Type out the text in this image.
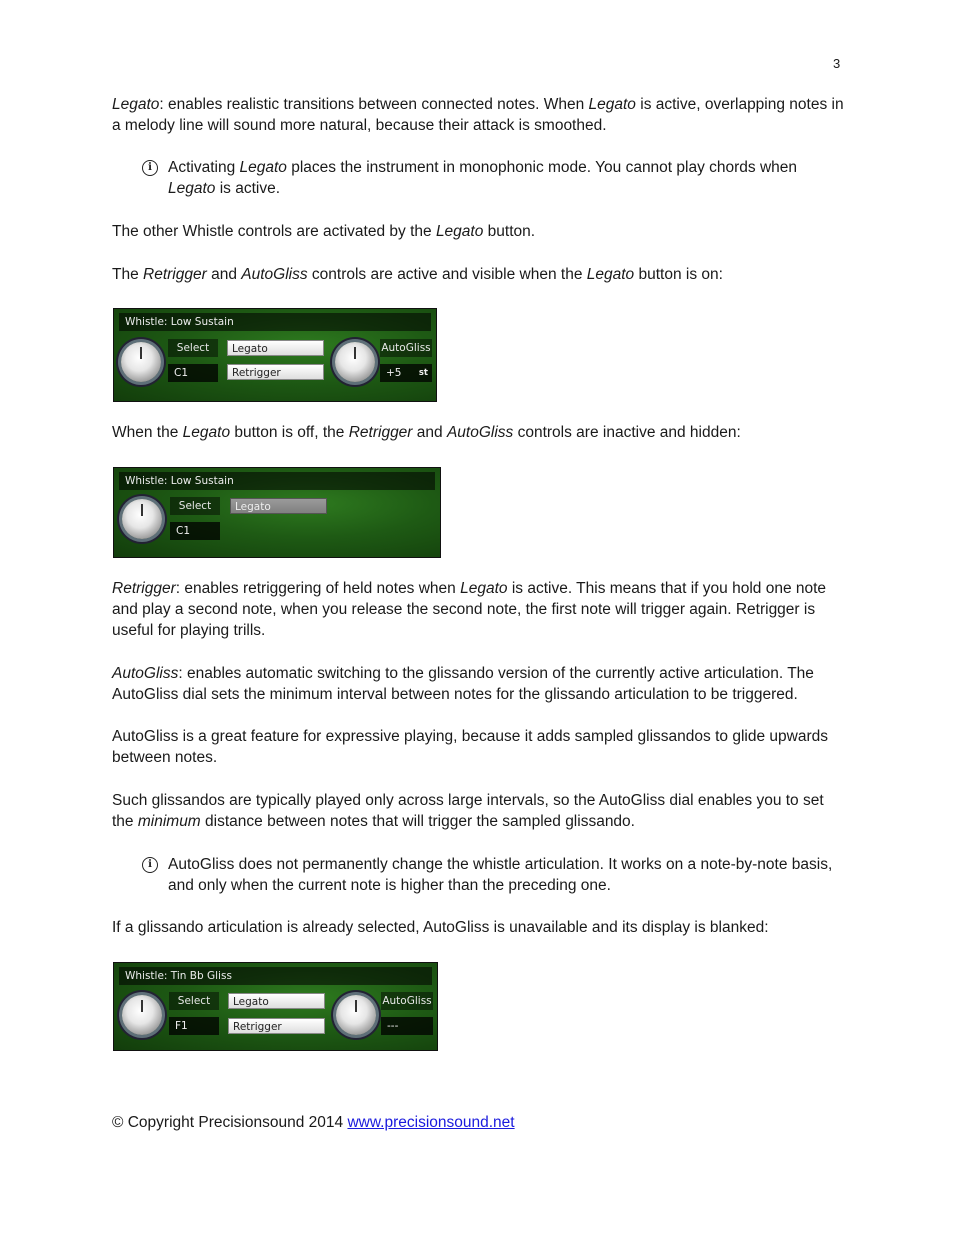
3

Legato: enables realistic transitions between connected notes. When Legato is active, overlapping notes in a melody line will sound more natural, because their attack is smoothed.

i	Activating Legato places the instrument in monophonic mode. You cannot play chords when Legato is active.

The other Whistle controls are activated by the Legato button.

The Retrigger and AutoGliss controls are active and visible when the Legato button is on:

Whistle: Low Sustain
Select
C1
Legato
Retrigger
AutoGliss
+5 st

When the Legato button is off, the Retrigger and AutoGliss controls are inactive and hidden:

Whistle: Low Sustain
Select
C1
Legato

Retrigger: enables retriggering of held notes when Legato is active. This means that if you hold one note and play a second note, when you release the second note, the first note will trigger again. Retrigger is useful for playing trills.

AutoGliss: enables automatic switching to the glissando version of the currently active articulation. The AutoGliss dial sets the minimum interval between notes for the glissando articulation to be triggered.

AutoGliss is a great feature for expressive playing, because it adds sampled glissandos to glide upwards between notes.

Such glissandos are typically played only across large intervals, so the AutoGliss dial enables you to set the minimum distance between notes that will trigger the sampled glissando.

i	AutoGliss does not permanently change the whistle articulation. It works on a note-by-note basis, and only when the current note is higher than the preceding one.

If a glissando articulation is already selected, AutoGliss is unavailable and its display is blanked:

Whistle: Tin Bb Gliss
Select
F1
Legato
Retrigger
AutoGliss
---
© Copyright Precisionsound 2014 www.precisionsound.net
